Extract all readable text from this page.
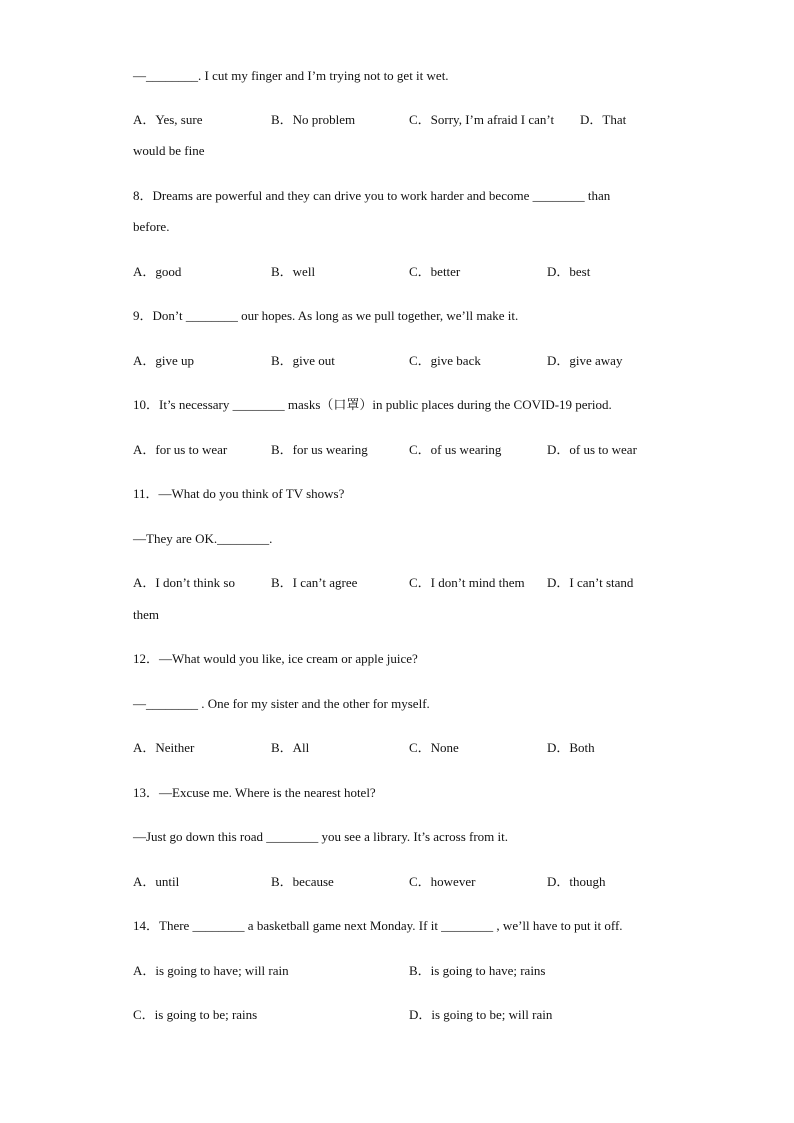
—________. I cut my finger and I’m trying not to get it wet.
A．Yes, sure	B．No problem	C．Sorry, I’m afraid I can’t D．That
would be fine
8．Dreams are powerful and they can drive you to work harder and become ________ than
before.
A．good	B．well	C．better	D．best
9．Don’t ________ our hopes. As long as we pull together, we’ll make it.
A．give up	B．give out	C．give back	D．give away
10．It’s necessary ________ masks（口罩）in public places during the COVID-19 period.
A．for us to wear	B．for us wearing	C．of us wearing	D．of us to wear
11．—What do you think of TV shows?
—They are OK.________.
A．I don’t think so	B．I can’t agree	C．I don’t mind them D．I can’t stand
them
12．—What would you like, ice cream or apple juice?
—________ . One for my sister and the other for myself.
A．Neither	B．All	C．None	D．Both
13．—Excuse me. Where is the nearest hotel?
—Just go down this road ________ you see a library. It’s across from it.
A．until	B．because	C．however	D．though
14．There ________ a basketball game next Monday. If it ________ , we’ll have to put it off.
A．is going to have; will rain	B．is going to have; rains
C．is going to be; rains	D．is going to be; will rain
